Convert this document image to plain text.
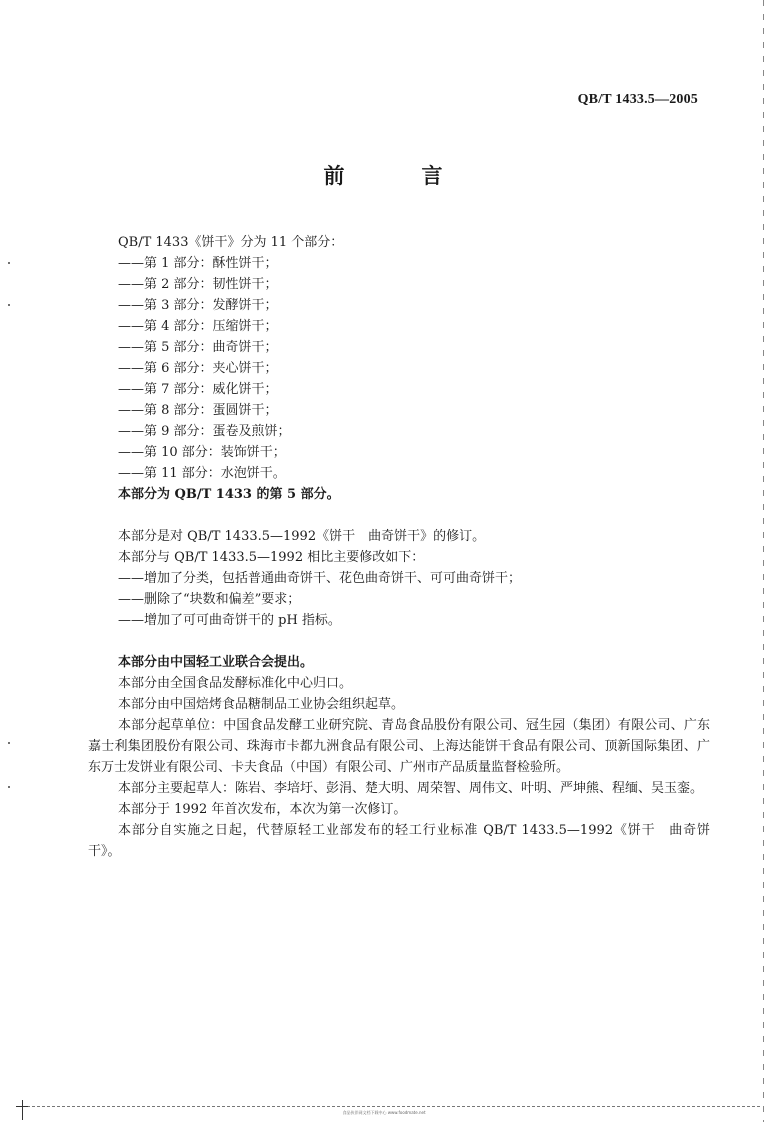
QB/T 1433.5—2005
前　言
QB/T 1433《饼干》分为 11 个部分：
——第 1 部分：酥性饼干；
——第 2 部分：韧性饼干；
——第 3 部分：发酵饼干；
——第 4 部分：压缩饼干；
——第 5 部分：曲奇饼干；
——第 6 部分：夹心饼干；
——第 7 部分：威化饼干；
——第 8 部分：蛋圆饼干；
——第 9 部分：蛋卷及煎饼；
——第 10 部分：装饰饼干；
——第 11 部分：水泡饼干。
本部分为 QB/T 1433 的第 5 部分。
本部分是对 QB/T 1433.5—1992《饼干　曲奇饼干》的修订。
本部分与 QB/T 1433.5—1992 相比主要修改如下：
——增加了分类，包括普通曲奇饼干、花色曲奇饼干、可可曲奇饼干；
——删除了“块数和偏差”要求；
——增加了可可曲奇饼干的 pH 指标。
本部分由中国轻工业联合会提出。
本部分由全国食品发酵标准化中心归口。
本部分由中国焙烤食品糖制品工业协会组织起草。
本部分起草单位：中国食品发酵工业研究院、青岛食品股份有限公司、冠生园（集团）有限公司、广东嘉士利集团股份有限公司、珠海市卡都九洲食品有限公司、上海达能饼干食品有限公司、顶新国际集团、广东万士发饼业有限公司、卡夫食品（中国）有限公司、广州市产品质量监督检验所。
本部分主要起草人：陈岩、李培圩、彭涓、楚大明、周荣智、周伟文、叶明、严坤熊、程缅、吴玉銮。
本部分于 1992 年首次发布，本次为第一次修订。
本部分自实施之日起，代替原轻工业部发布的轻工行业标准 QB/T 1433.5—1992《饼干　曲奇饼干》。
食品伙伴网文档下载中心 www.foodmate.net
